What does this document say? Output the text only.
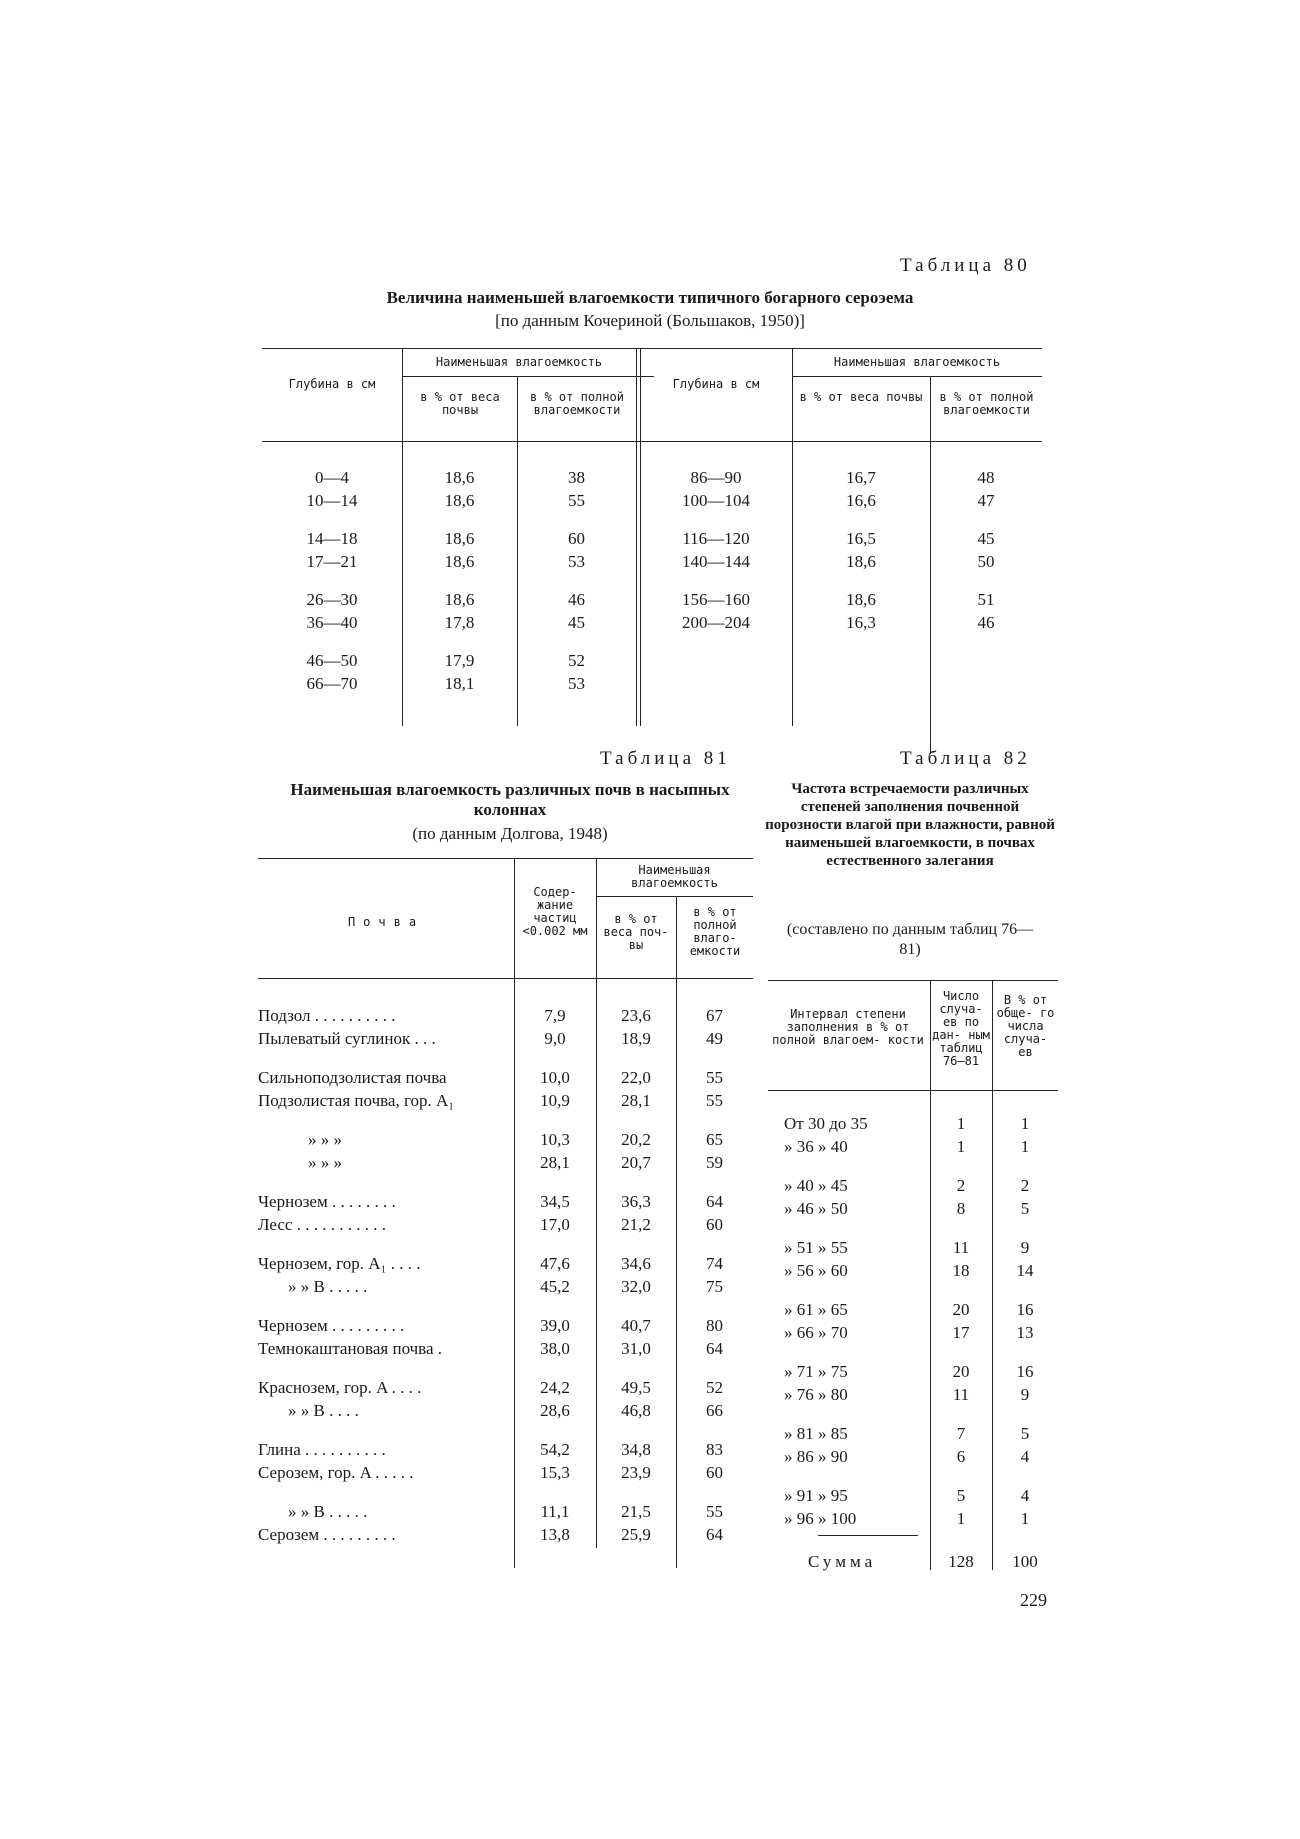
Таблица 80
Величина наименьшей влагоемкости типичного богарного сероэема
[по данным Кочериной (Большаков, 1950)]
Глубина в см
Наименьшая влагоемкость
в % от веса почвы
в % от полной влагоемкости
Глубина в см
Наименьшая влагоемкость
в % от веса почвы	в % от полной влагоемкости
0—4	18,6	38
10—14	18,6	55
14—18	18,6	60
17—21	18,6	53
26—30	18,6	46
36—40	17,8	45
46—50	17,9	52
66—70	18,1	53
86—90	16,7	48
100—104	16,6	47
116—120	16,5	45
140—144	18,6	50
156—160	18,6	51
200—204	16,3	46
Таблица 81
Наименьшая влагоемкость различных почв в насыпных колоннах
(по данным Долгова, 1948)
Почва
Содер- жание частиц <0.002 мм
Наименьшая влагоемкость
в % от веса поч- вы
в % от полной влаго- емкости
Подзол . . . . . . . . . .	7,9	23,6	67
Пылеватый суглинок . . .	9,0	18,9	49
Сильноподзолистая почва	10,0	22,0	55
Подзолистая почва, гор. A₁	10,9	28,1	55
» » »	10,3	20,2	65
» » »	28,1	20,7	59
Чернозем . . . . . . . .	34,5	36,3	64
Лесс . . . . . . . . . . .	17,0	21,2	60
Чернозем, гор. A₁ . . . .	47,6	34,6	74
» » B . . . . .	45,2	32,0	75
Чернозем . . . . . . . . .	39,0	40,7	80
Темнокаштановая почва .	38,0	31,0	64
Краснозем, гор. A . . . .	24,2	49,5	52
» » B . . . .	28,6	46,8	66
Глина . . . . . . . . . .	54,2	34,8	83
Серозем, гор. A . . . . .	15,3	23,9	60
» » B . . . . .	11,1	21,5	55
Серозем . . . . . . . . .	13,8	25,9	64
Таблица 82
Частота встречаемости различных степеней заполнения почвенной порозности влагой при влажности, равной наименьшей влагоемкости, в почвах естественного залегания
(составлено по данным таблиц 76—81)
Интервал степени заполнения в % от полной влагоем- кости
Число случа- ев по дан- ным таблиц 76—81
В % от обще- го числа случа- ев
От 30 до 35	1	1
» 36 » 40	1	1
» 40 » 45	2	2
» 46 » 50	8	5
» 51 » 55	11	9
» 56 » 60	18	14
» 61 » 65	20	16
» 66 » 70	17	13
» 71 » 75	20	16
» 76 » 80	11	9
» 81 » 85	7	5
» 86 » 90	6	4
» 91 » 95	5	4
» 96 » 100	1	1
Сумма	128	100
229
